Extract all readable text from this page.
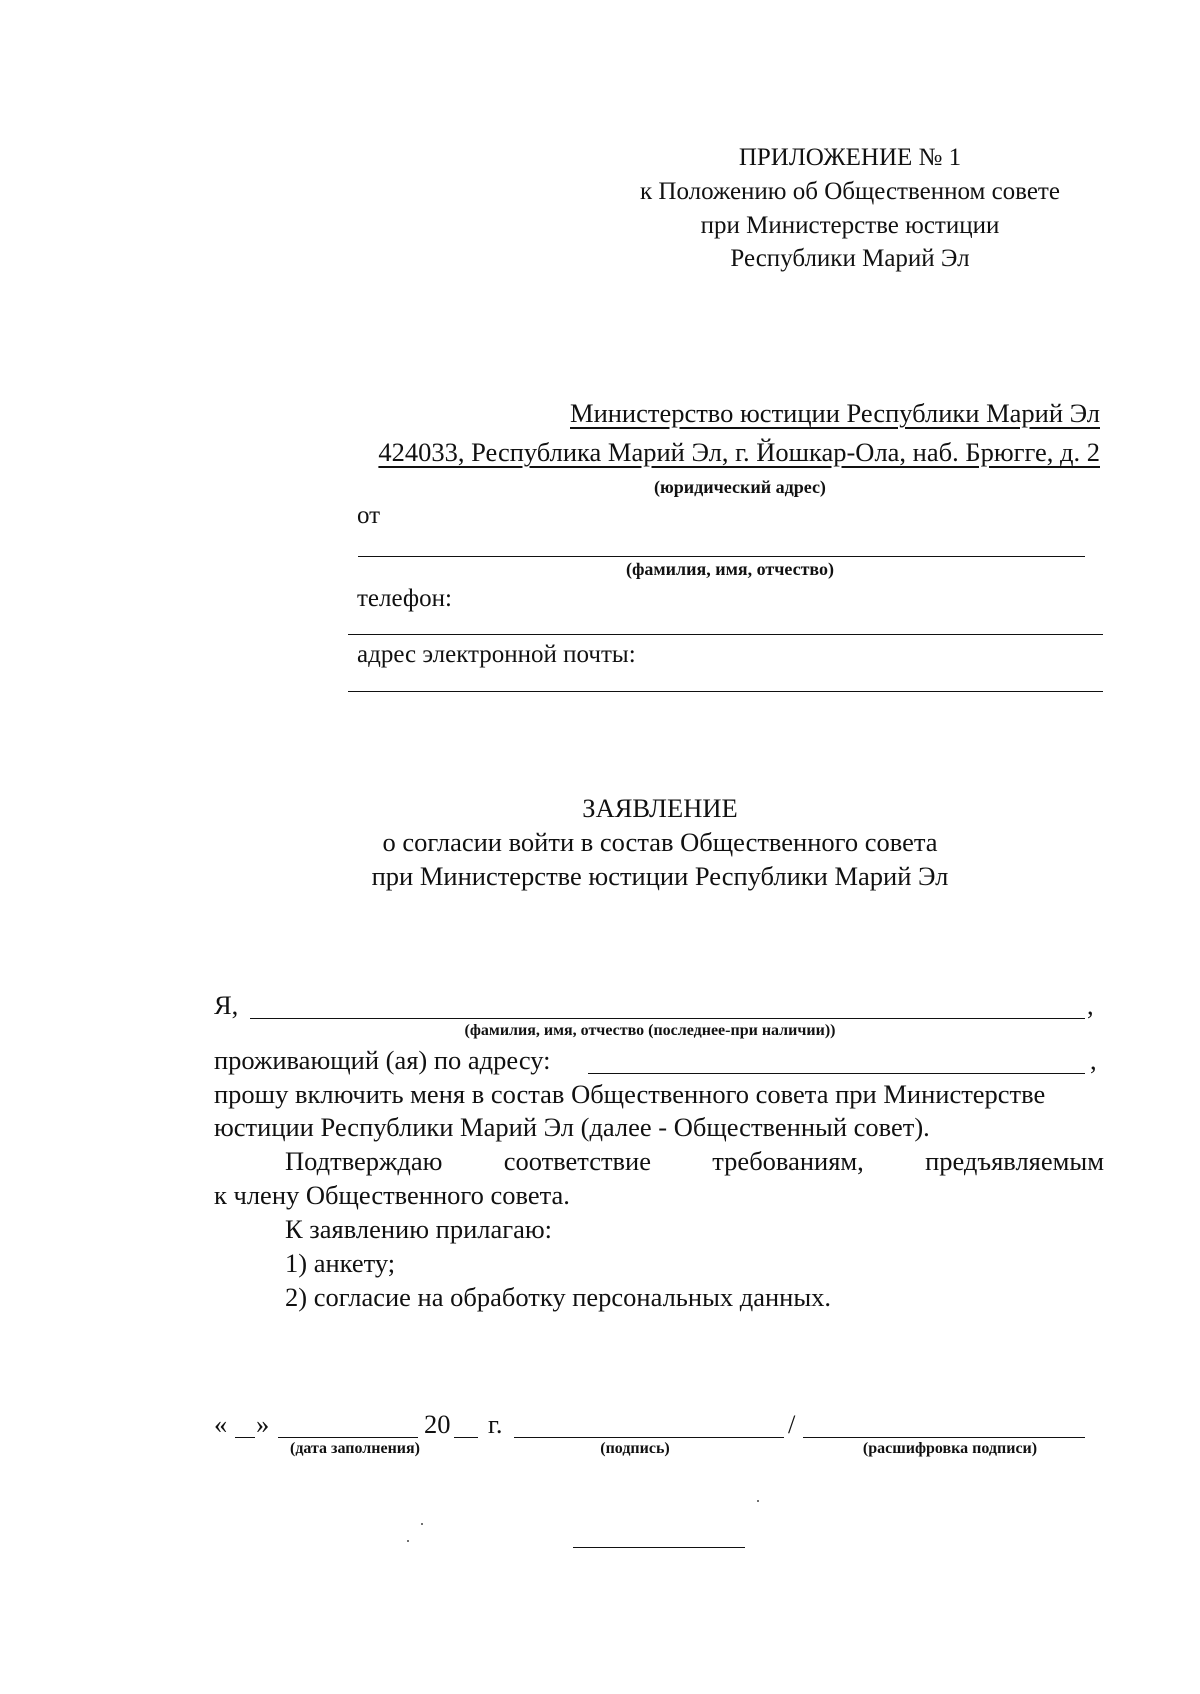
ПРИЛОЖЕНИЕ № 1
к Положению об Общественном совете
при Министерстве юстиции
Республики Марий Эл
Министерство юстиции Республики Марий Эл
424033, Республика Марий Эл, г. Йошкар-Ола, наб. Брюгге, д. 2
(юридический адрес)
от
(фамилия, имя, отчество)
телефон:
адрес электронной почты:
ЗАЯВЛЕНИЕ
о согласии войти в состав Общественного совета
при Министерстве юстиции Республики Марий Эл
Я,	,
(фамилия, имя, отчество (последнее-при наличии))
проживающий (ая) по адресу:	,
прошу включить меня в состав Общественного совета при Министерстве
юстиции Республики Марий Эл (далее - Общественный совет).
Подтверждаю соответствие требованиям, предъявляемым
к члену Общественного совета.
К заявлению прилагаю:
1) анкету;
2) согласие на обработку персональных данных.
« »	20 г.	/
(дата заполнения)	(подпись)	(расшифровка подписи)
